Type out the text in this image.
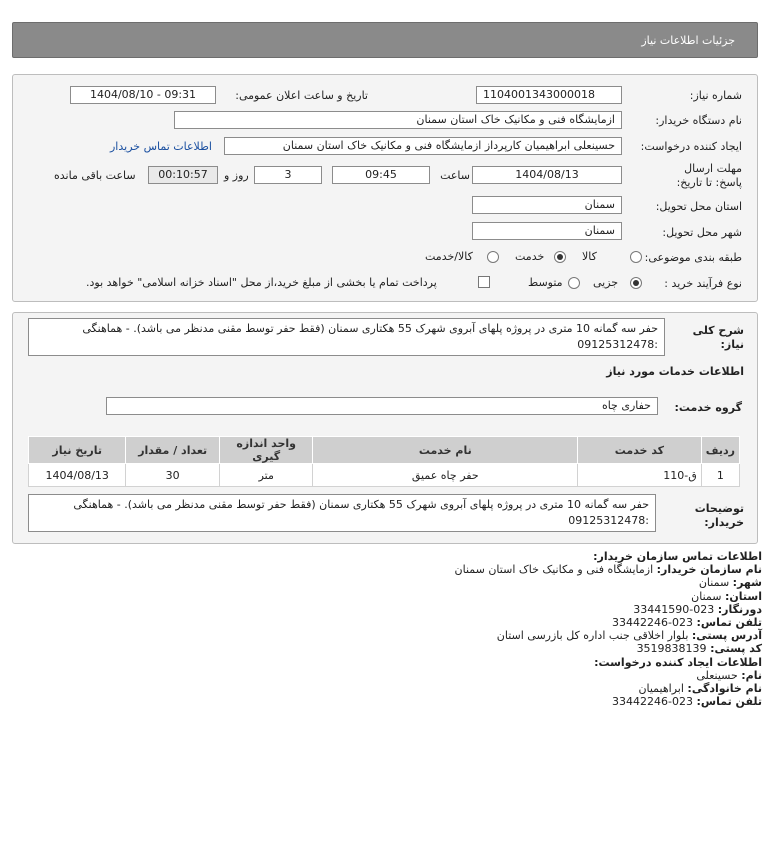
جزئیات اطلاعات نیاز
شماره نیاز:
1104001343000018
تاریخ و ساعت اعلان عمومی:
1404/08/10 - 09:31
نام دستگاه خریدار:
ازمایشگاه فنی و مکانیک خاک استان سمنان
ایجاد کننده درخواست:
حسینعلی ابراهیمیان کارپرداز ازمایشگاه فنی و مکانیک خاک استان سمنان
اطلاعات تماس خریدار
مهلت ارسال پاسخ: تا تاریخ:
1404/08/13
ساعت
09:45
3
روز و
00:10:57
ساعت باقی مانده
استان محل تحویل:
سمنان
شهر محل تحویل:
سمنان
طبقه بندی موضوعی:
کالا
خدمت
کالا/خدمت
نوع فرآیند خرید :
جزیی
متوسط
پرداخت تمام یا بخشی از مبلغ خرید،از محل "اسناد خزانه اسلامی" خواهد بود.
شرح کلی نیاز:
حفر سه گمانه 10 متری در پروژه پلهای آبروی شهرک 55 هکتاری سمنان (فقط حفر توسط مقنی مدنظر می باشد). - هماهنگی :09125312478
اطلاعات خدمات مورد نیاز
گروه خدمت:
حفاری چاه
ردیف	کد خدمت	نام خدمت	واحد اندازه گیری	تعداد / مقدار	تاریخ نیاز
1	ق-110	حفر چاه عمیق	متر	30	1404/08/13
توضیحات خریدار:
حفر سه گمانه 10 متری در پروژه پلهای آبروی شهرک 55 هکتاری سمنان (فقط حفر توسط مقنی مدنظر می باشد). - هماهنگی :09125312478
اطلاعات تماس سازمان خریدار:
نام سازمان خریدار: ازمایشگاه فنی و مکانیک خاک استان سمنان
شهر: سمنان
استان: سمنان
دورنگار: 023-33441590
تلفن تماس: 023-33442246
آدرس پستی: بلوار اخلاقی جنب اداره کل بازرسی استان
کد پستی: 3519838139
اطلاعات ایجاد کننده درخواست:
نام: حسینعلی
نام خانوادگی: ابراهیمیان
تلفن تماس: 023-33442246
